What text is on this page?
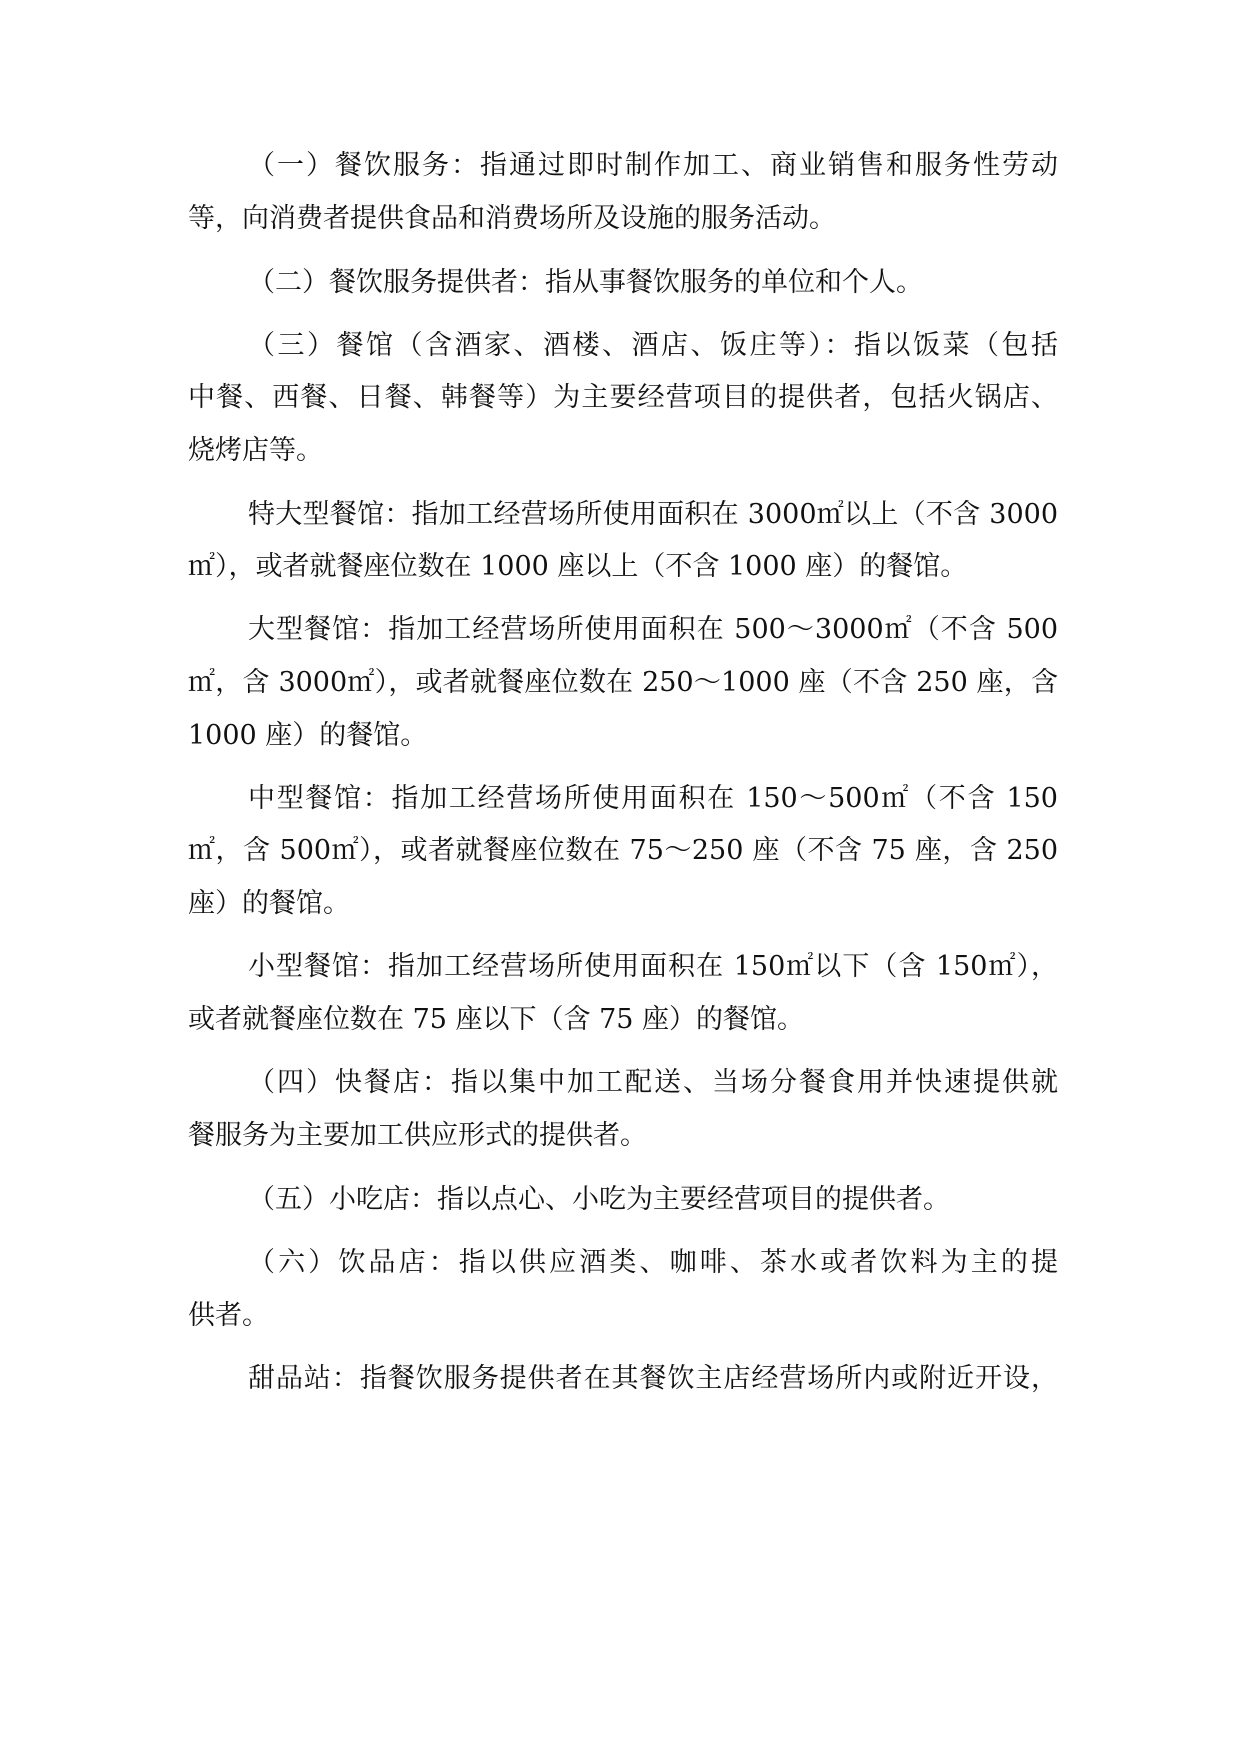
（一）餐饮服务：指通过即时制作加工、商业销售和服务性劳动

等，向消费者提供食品和消费场所及设施的服务活动。

（二）餐饮服务提供者：指从事餐饮服务的单位和个人。

（三）餐馆（含酒家、酒楼、酒店、饭庄等）：指以饭菜（包括

中餐、西餐、日餐、韩餐等）为主要经营项目的提供者，包括火锅店、

烧烤店等。

特大型餐馆：指加工经营场所使用面积在 3000㎡以上（不含 3000

㎡），或者就餐座位数在 1000 座以上（不含 1000 座）的餐馆。

大型餐馆：指加工经营场所使用面积在 500～3000㎡（不含 500

㎡，含 3000㎡），或者就餐座位数在 250～1000 座（不含 250 座，含

1000 座）的餐馆。

中型餐馆：指加工经营场所使用面积在 150～500㎡（不含 150

㎡，含 500㎡），或者就餐座位数在 75～250 座（不含 75 座，含 250

座）的餐馆。

小型餐馆：指加工经营场所使用面积在 150㎡以下（含 150㎡），

或者就餐座位数在 75 座以下（含 75 座）的餐馆。

（四）快餐店：指以集中加工配送、当场分餐食用并快速提供就

餐服务为主要加工供应形式的提供者。

（五）小吃店：指以点心、小吃为主要经营项目的提供者。

（六）饮品店：指以供应酒类、咖啡、茶水或者饮料为主的提

供者。

甜品站：指餐饮服务提供者在其餐饮主店经营场所内或附近开设，
